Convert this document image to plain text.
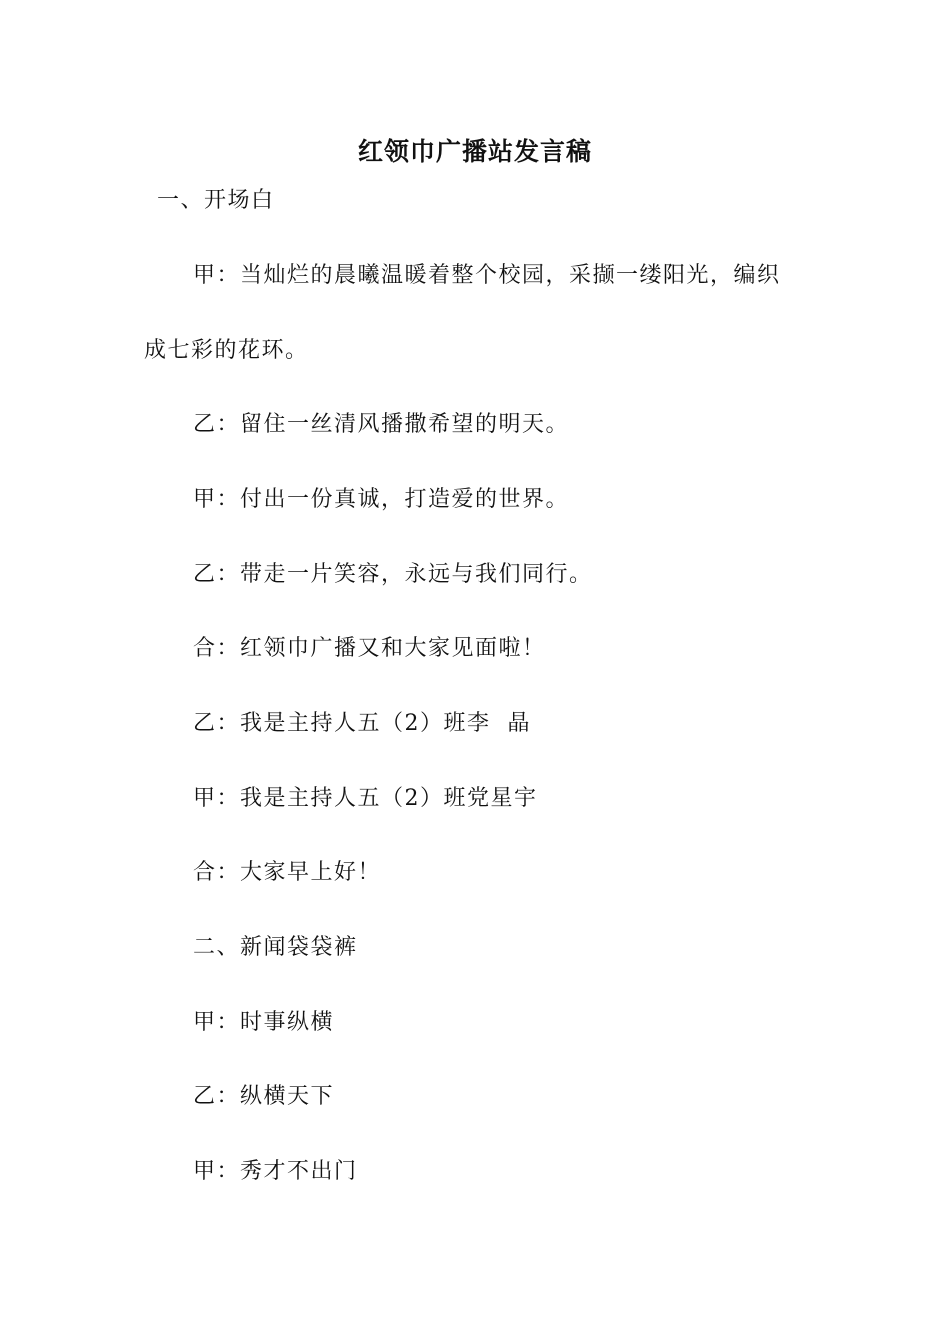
红领巾广播站发言稿
一、开场白
甲：当灿烂的晨曦温暖着整个校园，采撷一缕阳光，编织
成七彩的花环。
乙：留住一丝清风播撒希望的明天。
甲：付出一份真诚，打造爱的世界。
乙：带走一片笑容，永远与我们同行。
合：红领巾广播又和大家见面啦！
乙：我是主持人五（2）班李  晶
甲：我是主持人五（2）班党星宇
合：大家早上好！
二、新闻袋袋裤
甲：时事纵横
乙：纵横天下
甲：秀才不出门
